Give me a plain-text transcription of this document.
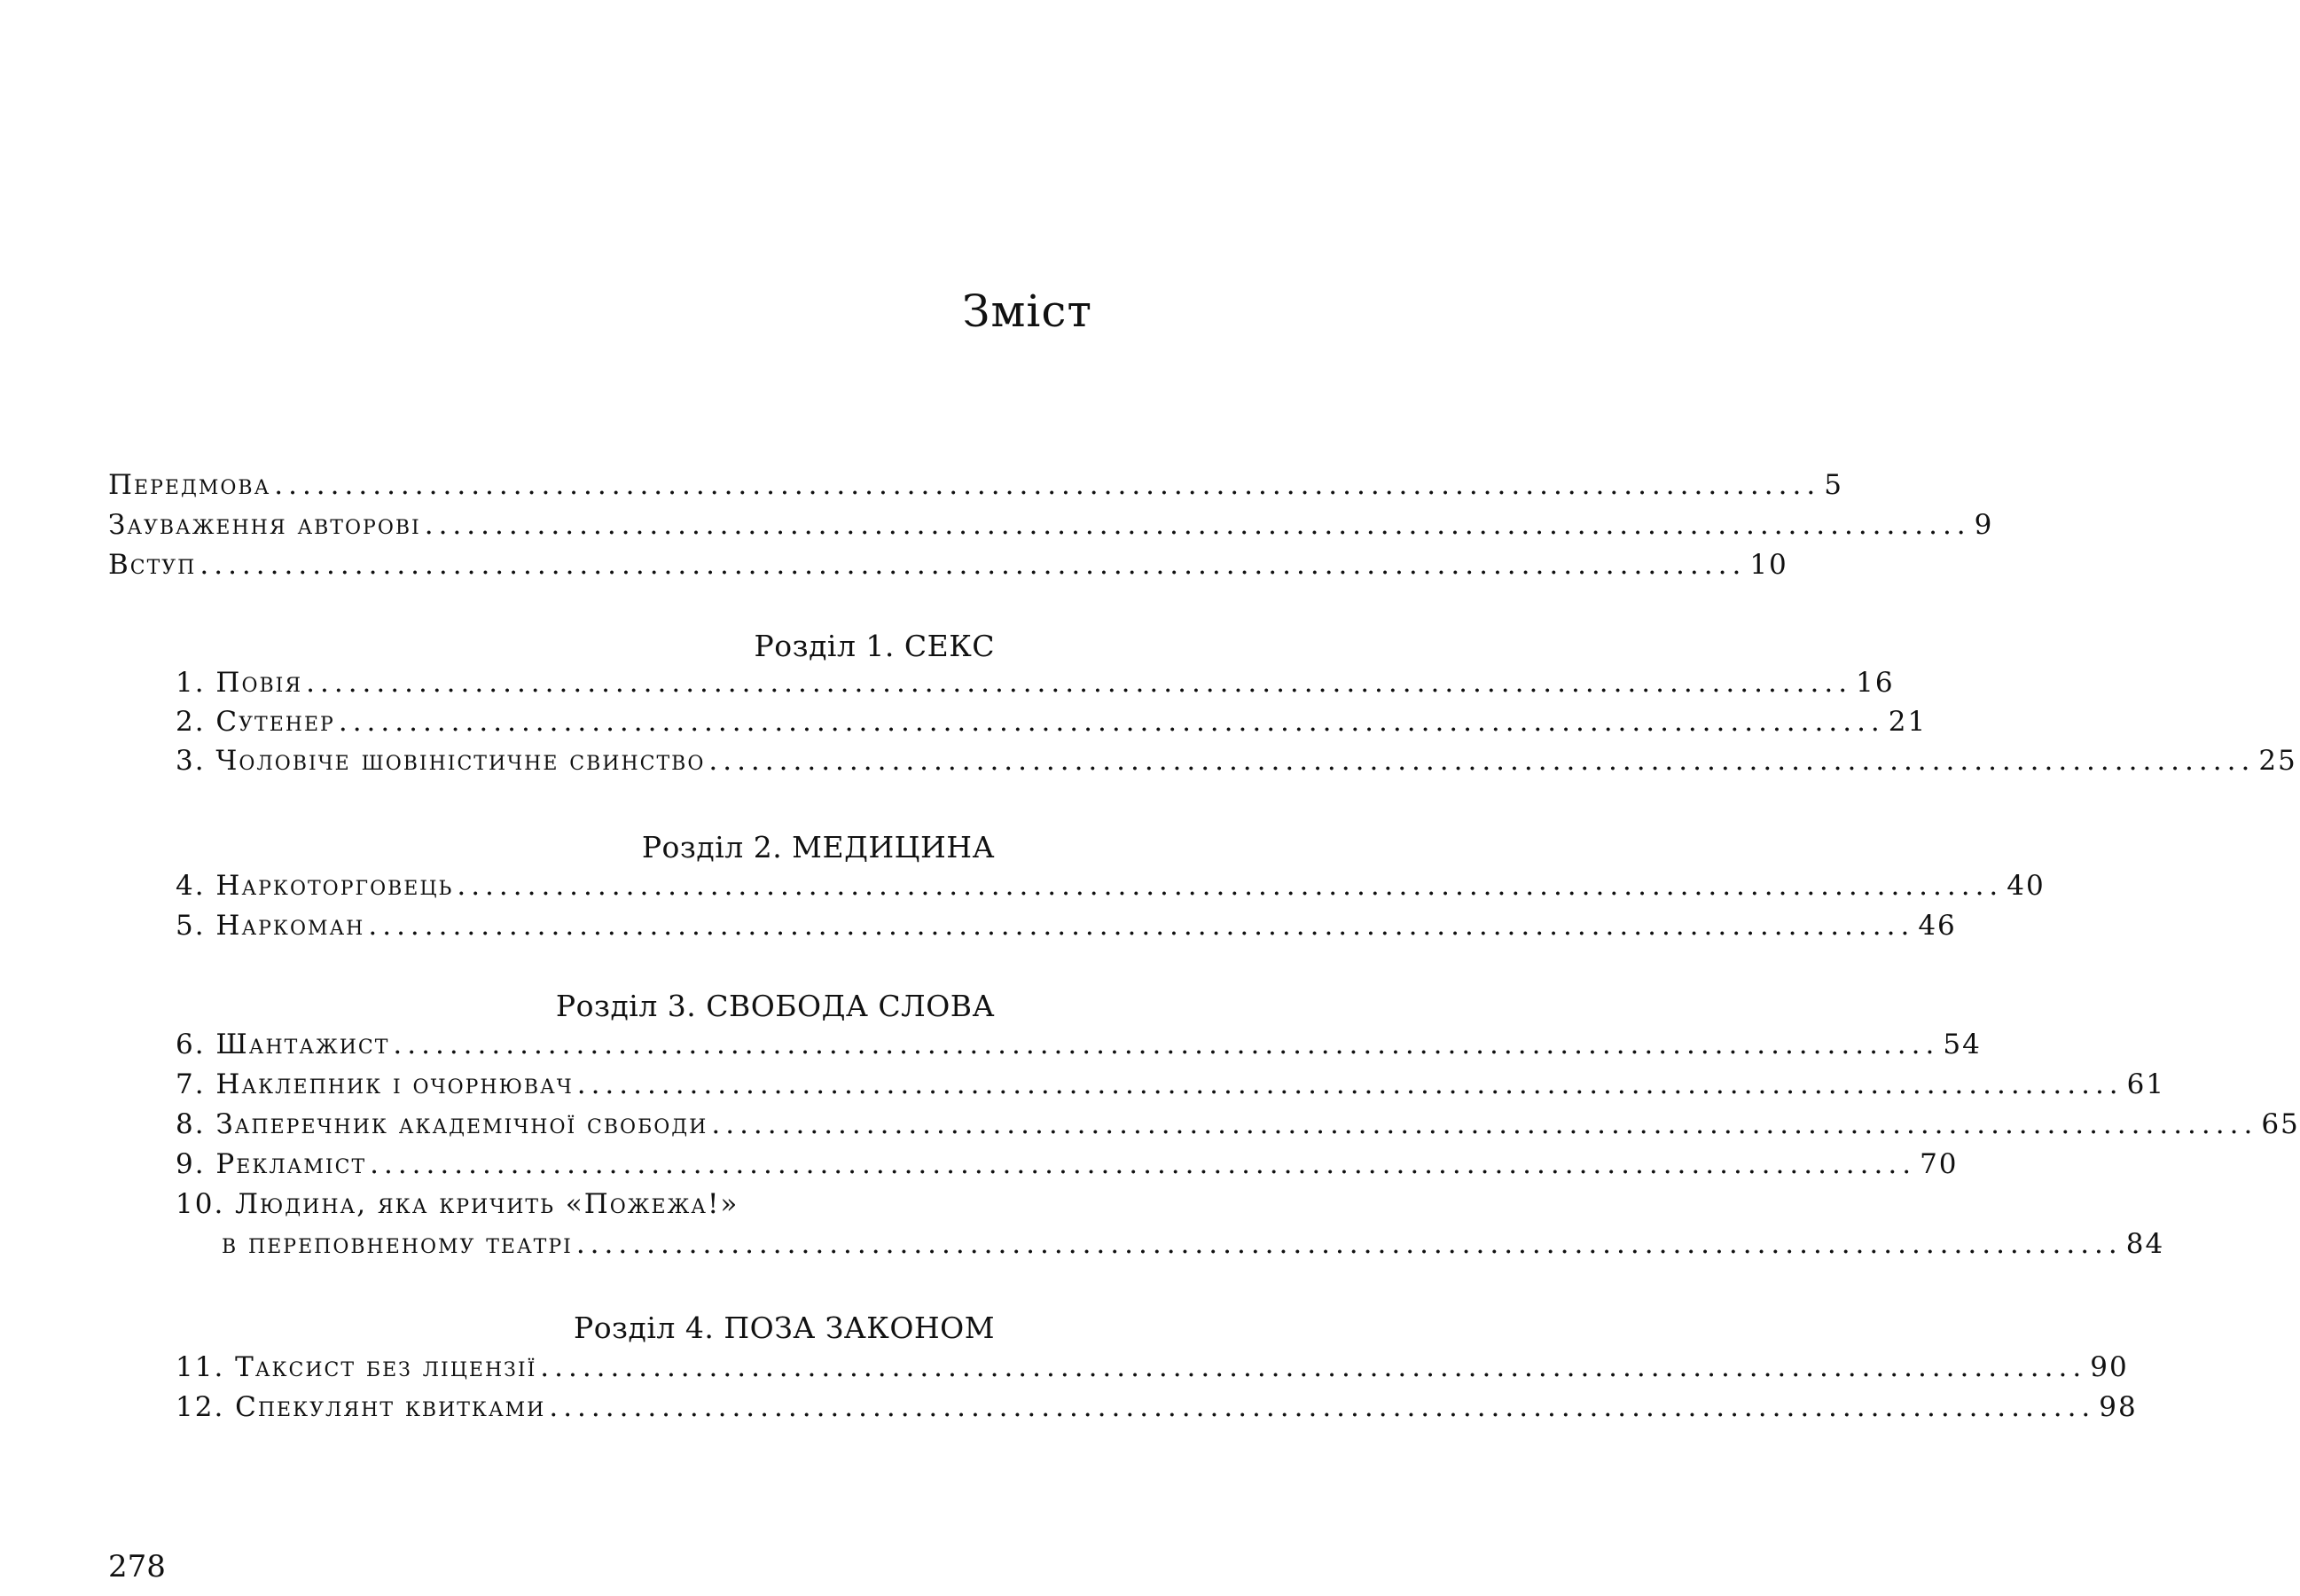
Зміст
Передмова .............................................................................................................. 5
Зауваження авторові .............................................................................................................. 9
Вступ .............................................................................................................. 10
Розділ 1. СЕКС
1. Повія .............................................................................................................. 16
2. Сутенер .............................................................................................................. 21
3. Чоловіче шовіністичне свинство .............................................................................................................. 25
Розділ 2. МЕДИЦИНА
4. Наркоторговець .............................................................................................................. 40
5. Наркоман .............................................................................................................. 46
Розділ 3. СВОБОДА СЛОВА
6. Шантажист .............................................................................................................. 54
7. Наклепник і очорнювач .............................................................................................................. 61
8. Заперечник академічної свободи .............................................................................................................. 65
9. Рекламіст .............................................................................................................. 70
10. Людина, яка кричить «Пожежа!»
в переповненому театрі .............................................................................................................. 84
Розділ 4. ПОЗА ЗАКОНОМ
11. Таксист без ліцензії .............................................................................................................. 90
12. Спекулянт квитками .............................................................................................................. 98
278
